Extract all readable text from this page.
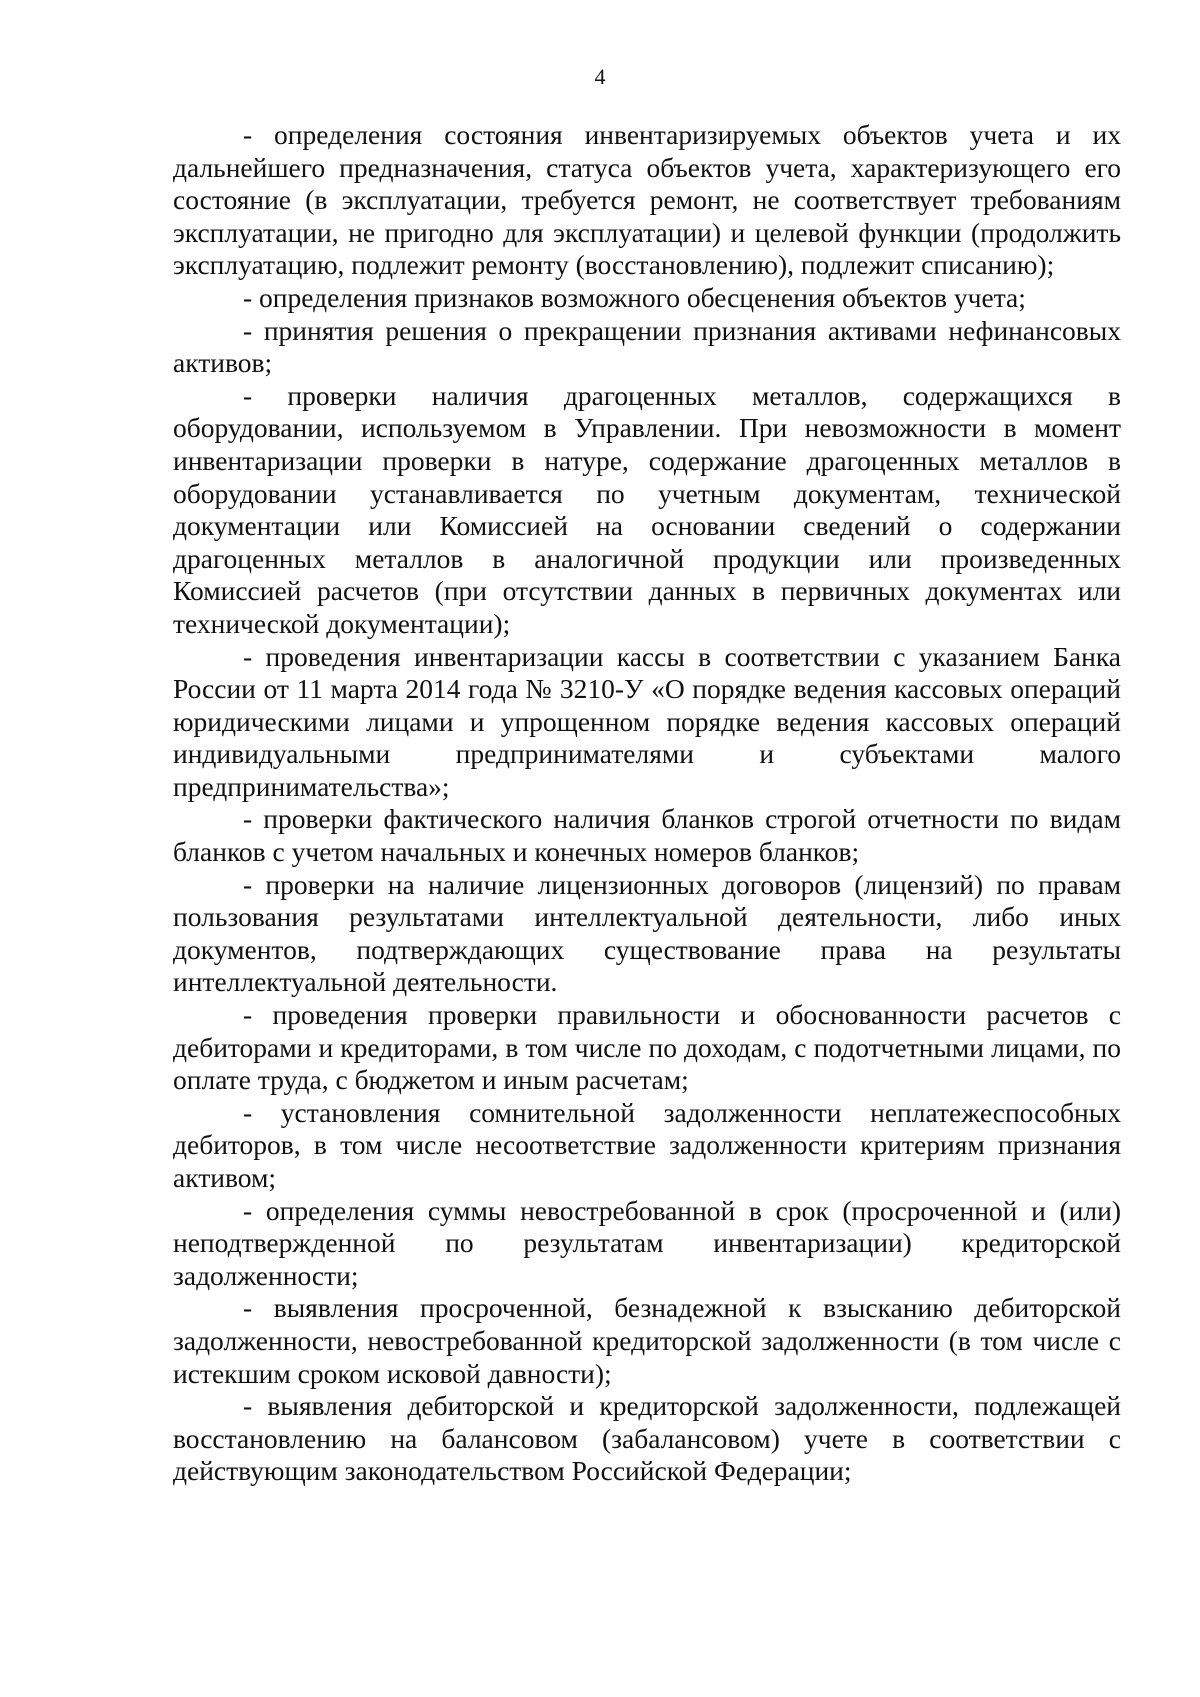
4

- определения состояния инвентаризируемых объектов учета и их дальнейшего предназначения, статуса объектов учета, характеризующего его состояние (в эксплуатации, требуется ремонт, не соответствует требованиям эксплуатации, не пригодно для эксплуатации) и целевой функции (продолжить эксплуатацию, подлежит ремонту (восстановлению), подлежит списанию);

- определения признаков возможного обесценения объектов учета;

- принятия решения о прекращении признания активами нефинансовых активов;

- проверки наличия драгоценных металлов, содержащихся в оборудовании, используемом в Управлении. При невозможности в момент инвентаризации проверки в натуре, содержание драгоценных металлов в оборудовании устанавливается по учетным документам, технической документации или Комиссией на основании сведений о содержании драгоценных металлов в аналогичной продукции или произведенных Комиссией расчетов (при отсутствии данных в первичных документах или технической документации);

- проведения инвентаризации кассы в соответствии с указанием Банка России от 11 марта 2014 года № 3210-У «О порядке ведения кассовых операций юридическими лицами и упрощенном порядке ведения кассовых операций индивидуальными предпринимателями и субъектами малого предпринимательства»;

- проверки фактического наличия бланков строгой отчетности по видам бланков с учетом начальных и конечных номеров бланков;

- проверки на наличие лицензионных договоров (лицензий) по правам пользования результатами интеллектуальной деятельности, либо иных документов, подтверждающих существование права на результаты интеллектуальной деятельности.

- проведения проверки правильности и обоснованности расчетов с дебиторами и кредиторами, в том числе по доходам, с подотчетными лицами, по оплате труда, с бюджетом и иным расчетам;

- установления сомнительной задолженности неплатежеспособных дебиторов, в том числе несоответствие задолженности критериям признания активом;

- определения суммы невостребованной в срок (просроченной и (или) неподтвержденной по результатам инвентаризации) кредиторской задолженности;

- выявления просроченной, безнадежной к взысканию дебиторской задолженности, невостребованной кредиторской задолженности (в том числе с истекшим сроком исковой давности);

- выявления дебиторской и кредиторской задолженности, подлежащей восстановлению на балансовом (забалансовом) учете в соответствии с действующим законодательством Российской Федерации;
